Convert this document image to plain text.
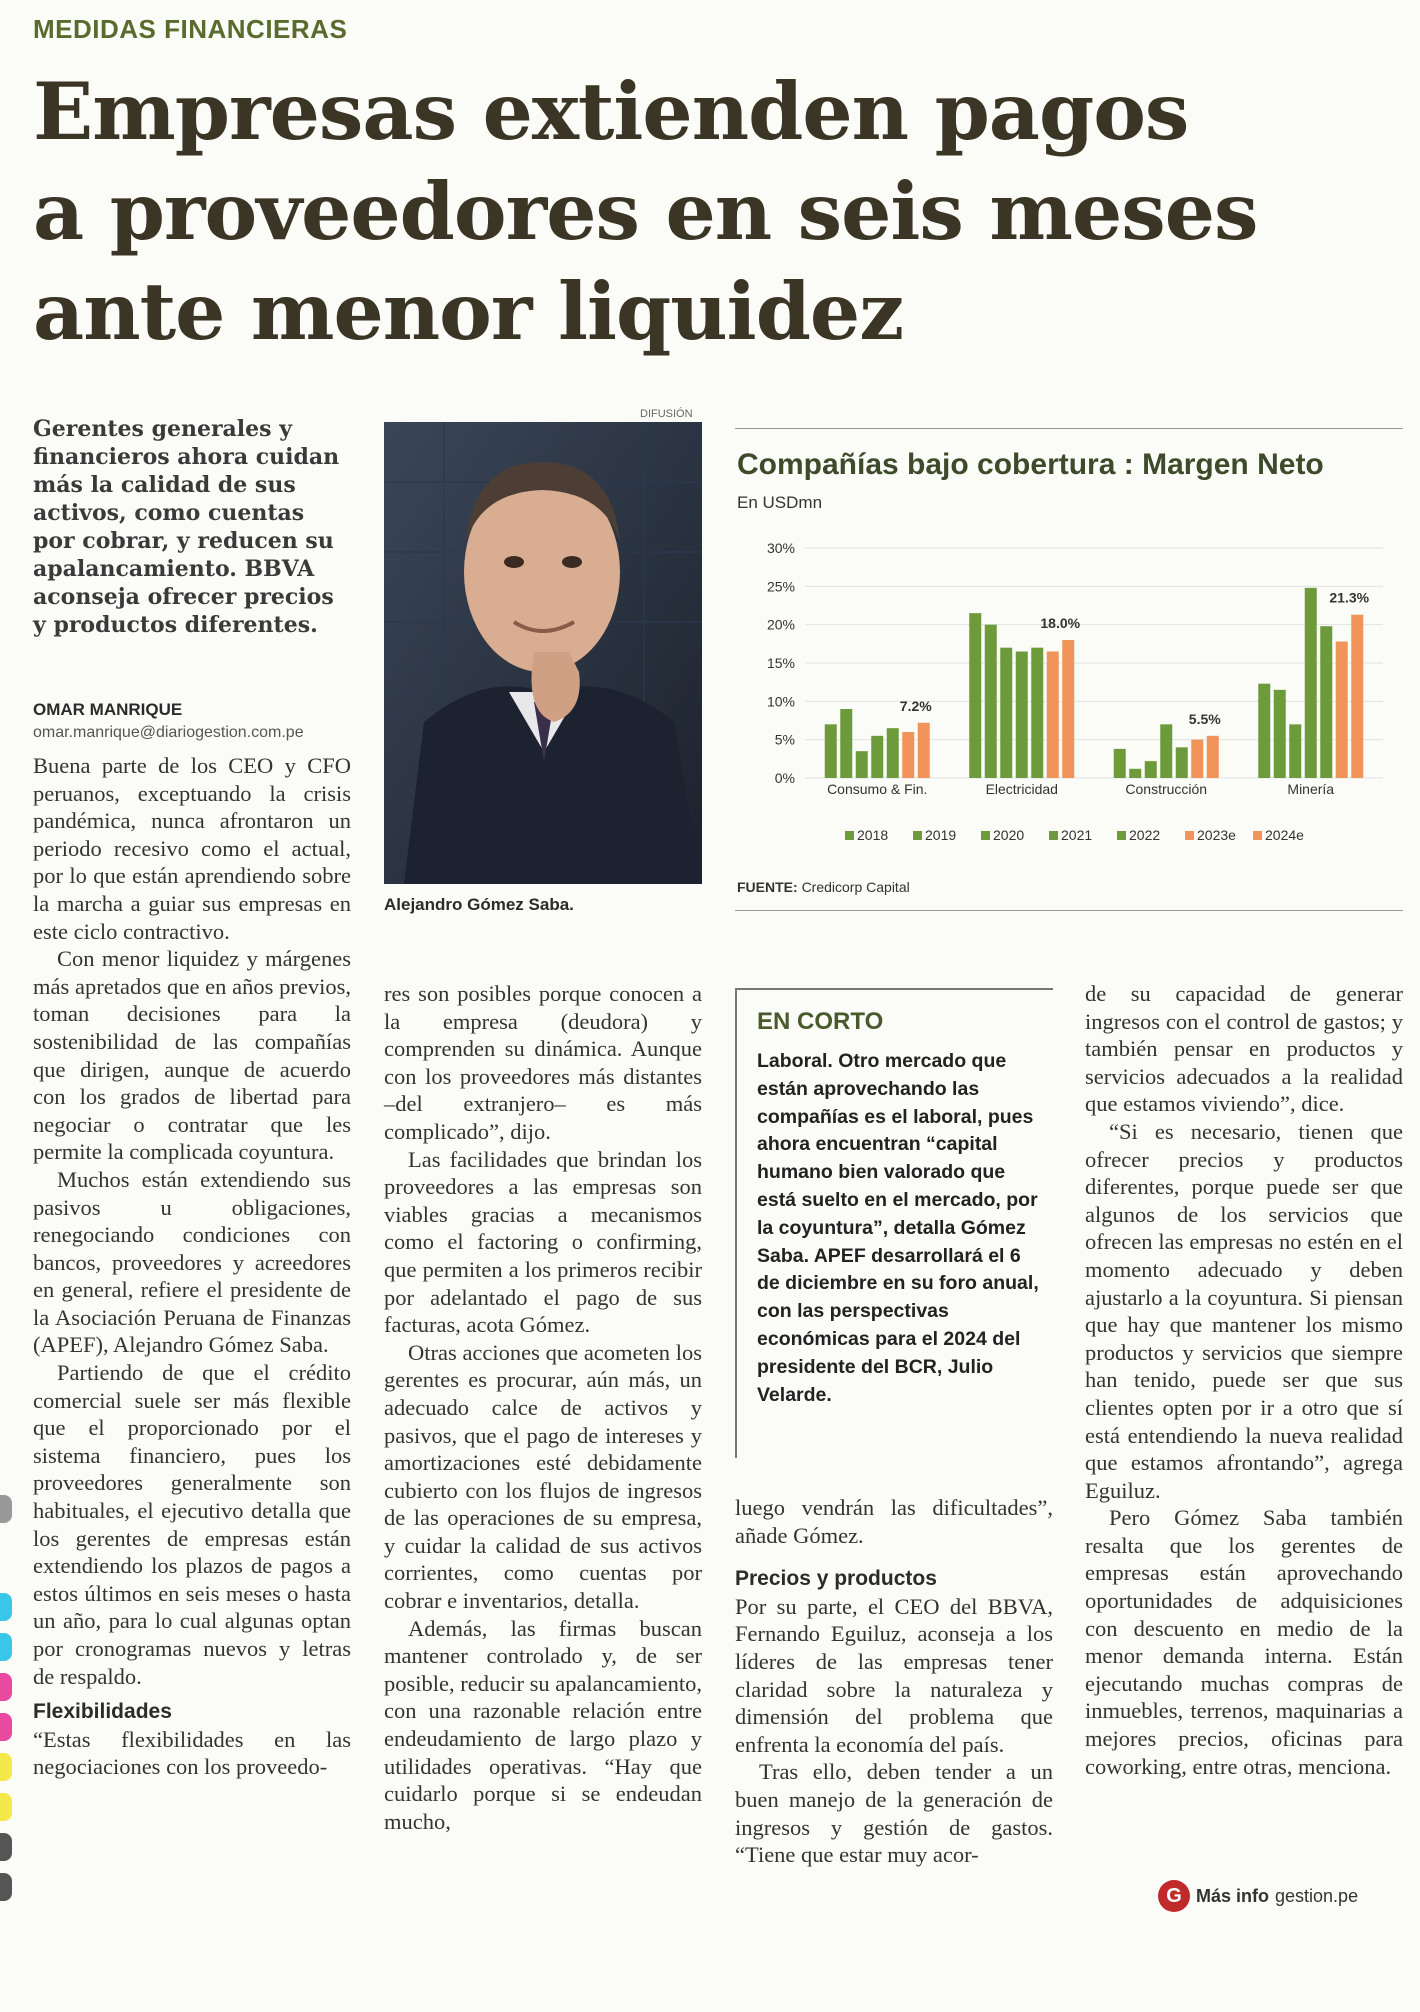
MEDIDAS FINANCIERAS
Empresas extienden pagos
a proveedores en seis meses
ante menor liquidez
Gerentes generales y financieros ahora cuidan más la calidad de sus activos, como cuentas por cobrar, y reducen su apalancamiento. BBVA aconseja ofrecer precios y productos diferentes.
OMAR MANRIQUE
omar.manrique@diariogestion.com.pe

Buena parte de los CEO y CFO peruanos, exceptuando la crisis pandémica, nunca afrontaron un periodo recesivo como el actual, por lo que están aprendiendo sobre la marcha a guiar sus empresas en este ciclo contractivo.

Con menor liquidez y márgenes más apretados que en años previos, toman decisiones para la sostenibilidad de las compañías que dirigen, aunque de acuerdo con los grados de libertad para negociar o contratar que les permite la complicada coyuntura.

Muchos están extendiendo sus pasivos u obligaciones, renegociando condiciones con bancos, proveedores y acreedores en general, refiere el presidente de la Asociación Peruana de Finanzas (APEF), Alejandro Gómez Saba.

Partiendo de que el crédito comercial suele ser más flexible que el proporcionado por el sistema financiero, pues los proveedores generalmente son habituales, el ejecutivo detalla que los gerentes de empresas están extendiendo los plazos de pagos a estos últimos en seis meses o hasta un año, para lo cual algunas optan por cronogramas nuevos y letras de respaldo.

Flexibilidades

“Estas flexibilidades en las negociaciones con los proveedo-

DIFUSIÓN
Alejandro Gómez Saba.

res son posibles porque conocen a la empresa (deudora) y comprenden su dinámica. Aunque con los proveedores más distantes –del extranjero– es más complicado”, dijo.

Las facilidades que brindan los proveedores a las empresas son viables gracias a mecanismos como el factoring o confirming, que permiten a los primeros recibir por adelantado el pago de sus facturas, acota Gómez.

Otras acciones que acometen los gerentes es procurar, aún más, un adecuado calce de activos y pasivos, que el pago de intereses y amortizaciones esté debidamente cubierto con los flujos de ingresos de las operaciones de su empresa, y cuidar la calidad de sus activos corrientes, como cuentas por cobrar e inventarios, detalla.

Además, las firmas buscan mantener controlado y, de ser posible, reducir su apalancamiento, con una razonable relación entre endeudamiento de largo plazo y utilidades operativas. “Hay que cuidarlo porque si se endeudan mucho,

Compañías bajo cobertura : Margen Neto
En USDmn
0%
5%
10%
15%
20%
25%
30%
7.2%
Consumo & Fin.
18.0%
Electricidad
5.5%
Construcción
21.3%
Minería
2018	2019	2020	2021	2022	2023e 2024e
FUENTE: Credicorp Capital
EN CORTO
Laboral. Otro mercado que están aprovechando las compañías es el laboral, pues ahora encuentran “capital humano bien valorado que está suelto en el mercado, por la coyuntura”, detalla Gómez Saba. APEF desarrollará el 6 de diciembre en su foro anual, con las perspectivas económicas para el 2024 del presidente del BCR, Julio Velarde.

luego vendrán las dificultades”, añade Gómez.

Precios y productos

Por su parte, el CEO del BBVA, Fernando Eguiluz, aconseja a los líderes de las empresas tener claridad sobre la naturaleza y dimensión del problema que enfrenta la economía del país.

Tras ello, deben tender a un buen manejo de la generación de ingresos y gestión de gastos. “Tiene que estar muy acor-

de su capacidad de generar ingresos con el control de gastos; y también pensar en productos y servicios adecuados a la realidad que estamos viviendo”, dice.

“Si es necesario, tienen que ofrecer precios y productos diferentes, porque puede ser que algunos de los servicios que ofrecen las empresas no estén en el momento adecuado y deben ajustarlo a la coyuntura. Si piensan que hay que mantener los mismo productos y servicios que siempre han tenido, puede ser que sus clientes opten por ir a otro que sí está entendiendo la nueva realidad que estamos afrontando”, agrega Eguiluz.

Pero Gómez Saba también resalta que los gerentes de empresas están aprovechando oportunidades de adquisiciones con descuento en medio de la menor demanda interna. Están ejecutando muchas compras de inmuebles, terrenos, maquinarias a mejores precios, oficinas para coworking, entre otras, menciona.

G Más info gestion.pe
